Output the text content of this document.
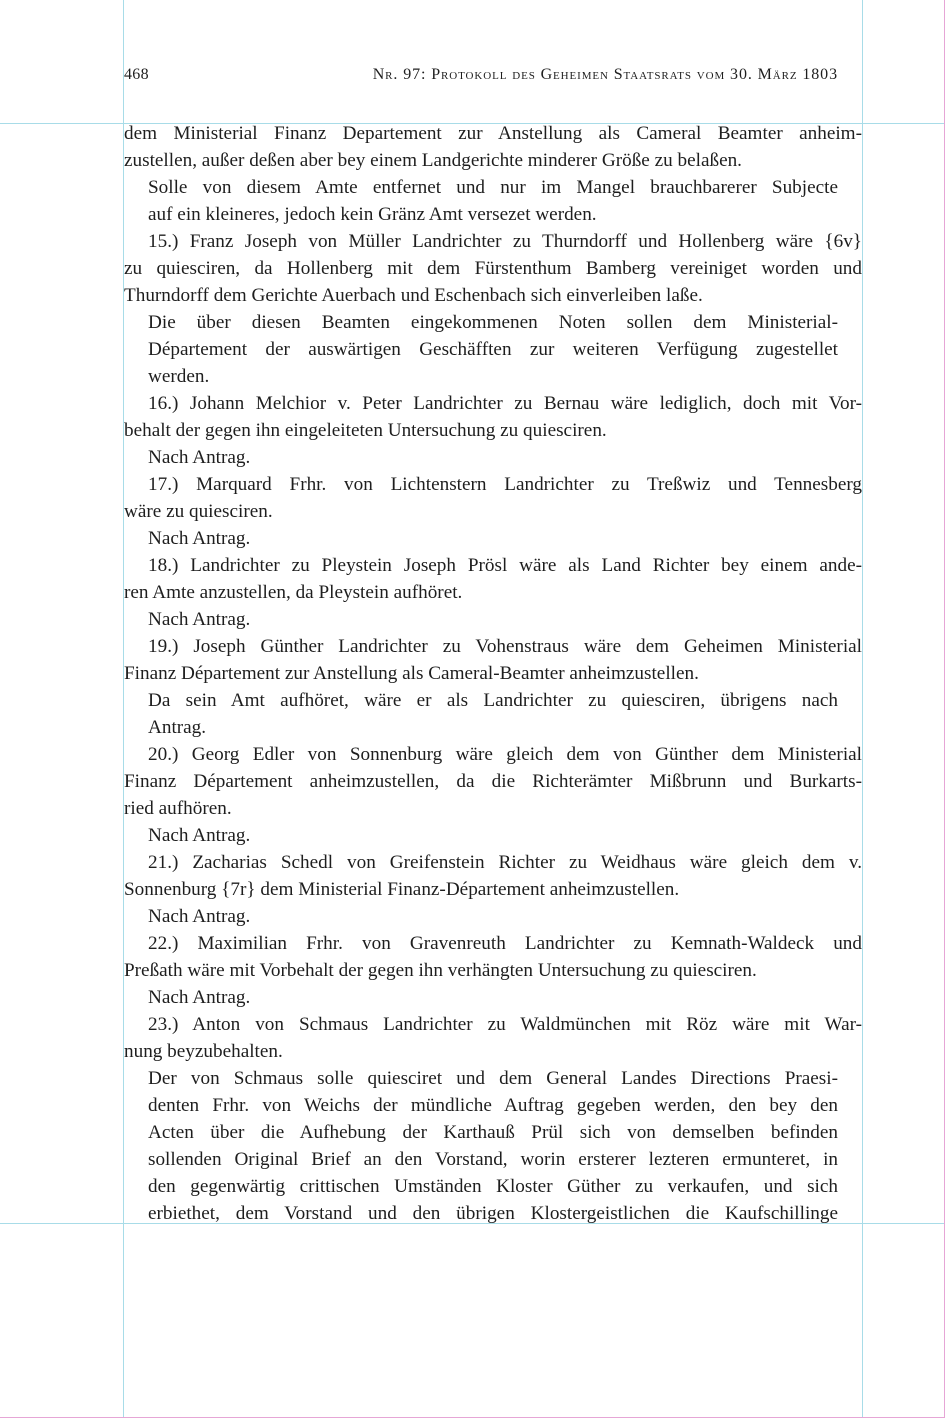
468	Nr. 97: Protokoll des Geheimen Staatsrats vom 30. März 1803
dem Ministerial Finanz Departement zur Anstellung als Cameral Beamter anheim-
zustellen, außer deßen aber bey einem Landgerichte minderer Größe zu belaßen.
Solle von diesem Amte entfernet und nur im Mangel brauchbarerer Subjecte
auf ein kleineres, jedoch kein Gränz Amt versezet werden.
15.) Franz Joseph von Müller Landrichter zu Thurndorff und Hollenberg wäre {6v}
zu quiesciren, da Hollenberg mit dem Fürstenthum Bamberg vereiniget worden und
Thurndorff dem Gerichte Auerbach und Eschenbach sich einverleiben laße.
Die über diesen Beamten eingekommenen Noten sollen dem Ministerial-
Département der auswärtigen Geschäfften zur weiteren Verfügung zugestellet
werden.
16.) Johann Melchior v. Peter Landrichter zu Bernau wäre lediglich, doch mit Vor-
behalt der gegen ihn eingeleiteten Untersuchung zu quiesciren.
Nach Antrag.
17.) Marquard Frhr. von Lichtenstern Landrichter zu Treßwiz und Tennesberg
wäre zu quiesciren.
Nach Antrag.
18.) Landrichter zu Pleystein Joseph Prösl wäre als Land Richter bey einem ande-
ren Amte anzustellen, da Pleystein aufhöret.
Nach Antrag.
19.) Joseph Günther Landrichter zu Vohenstraus wäre dem Geheimen Ministerial
Finanz Département zur Anstellung als Cameral-Beamter anheimzustellen.
Da sein Amt aufhöret, wäre er als Landrichter zu quiesciren, übrigens nach
Antrag.
20.) Georg Edler von Sonnenburg wäre gleich dem von Günther dem Ministerial
Finanz Département anheimzustellen, da die Richterämter Mißbrunn und Burkarts-
ried aufhören.
Nach Antrag.
21.) Zacharias Schedl von Greifenstein Richter zu Weidhaus wäre gleich dem v.
Sonnenburg {7r} dem Ministerial Finanz-Département anheimzustellen.
Nach Antrag.
22.) Maximilian Frhr. von Gravenreuth Landrichter zu Kemnath-Waldeck und
Preßath wäre mit Vorbehalt der gegen ihn verhängten Untersuchung zu quiesciren.
Nach Antrag.
23.) Anton von Schmaus Landrichter zu Waldmünchen mit Röz wäre mit War-
nung beyzubehalten.
Der von Schmaus solle quiesciret und dem General Landes Directions Praesi-
denten Frhr. von Weichs der mündliche Auftrag gegeben werden, den bey den
Acten über die Aufhebung der Karthauß Prül sich von demselben befinden
sollenden Original Brief an den Vorstand, worin ersterer lezteren ermunteret, in
den gegenwärtig crittischen Umständen Kloster Güther zu verkaufen, und sich
erbiethet, dem Vorstand und den übrigen Klostergeistlichen die Kaufschillinge
